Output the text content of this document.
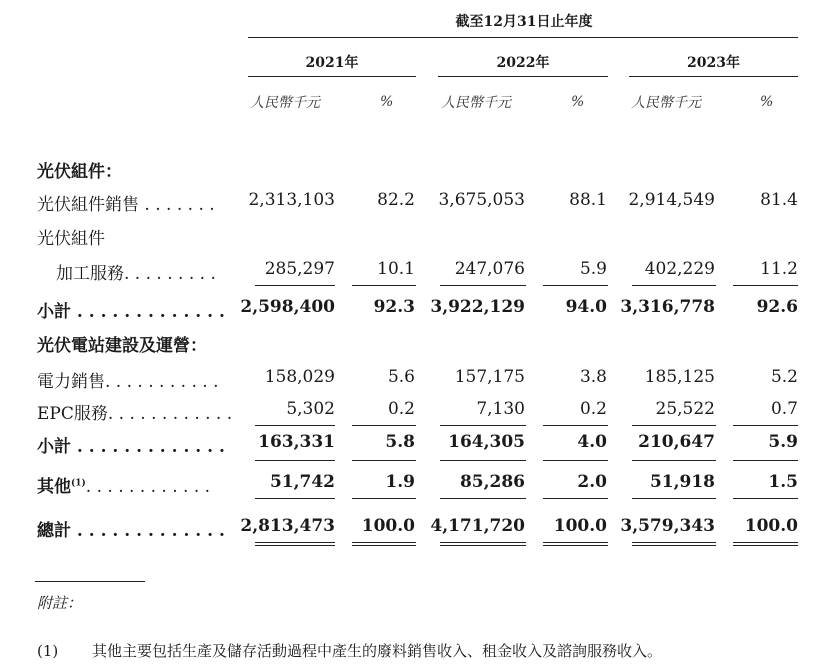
截至12月31日止年度
2021年	2022年	2023年
人民幣千元	%	人民幣千元	%	人民幣千元	%
光伏組件：
光伏組件銷售 . . . . . . . 2,313,103 82.2 3,675,053	88.1 2,914,549	81.4
光伏組件
加工服務. . . . . . . . .	285,297 10.1 247,076	5.9 402,229	11.2
小計 . . . . . . . . . . . . . 2,598,400 92.3 3,922,129 94.0 3,316,778 92.6
光伏電站建設及運營：
電力銷售. . . . . . . . . . .	158,029	5.6 157,175	3.8 185,125	5.2
EPC服務. . . . . . . . . . . .	5,302	0.2	7,130	0.2	25,522	0.7
小計 . . . . . . . . . . . . . 163,331	5.8 164,305	4.0 210,647	5.9
其他$^{(1)}$. . . . . . . . . . . .	51,742	1.9	85,286	2.0	51,918	1.5
總計 . . . . . . . . . . . . . 2,813,473 100.0 4,171,720 100.0 3,579,343 100.0
附註：
(1) 其他主要包括生產及儲存活動過程中產生的廢料銷售收入、租金收入及諮詢服務收入。
